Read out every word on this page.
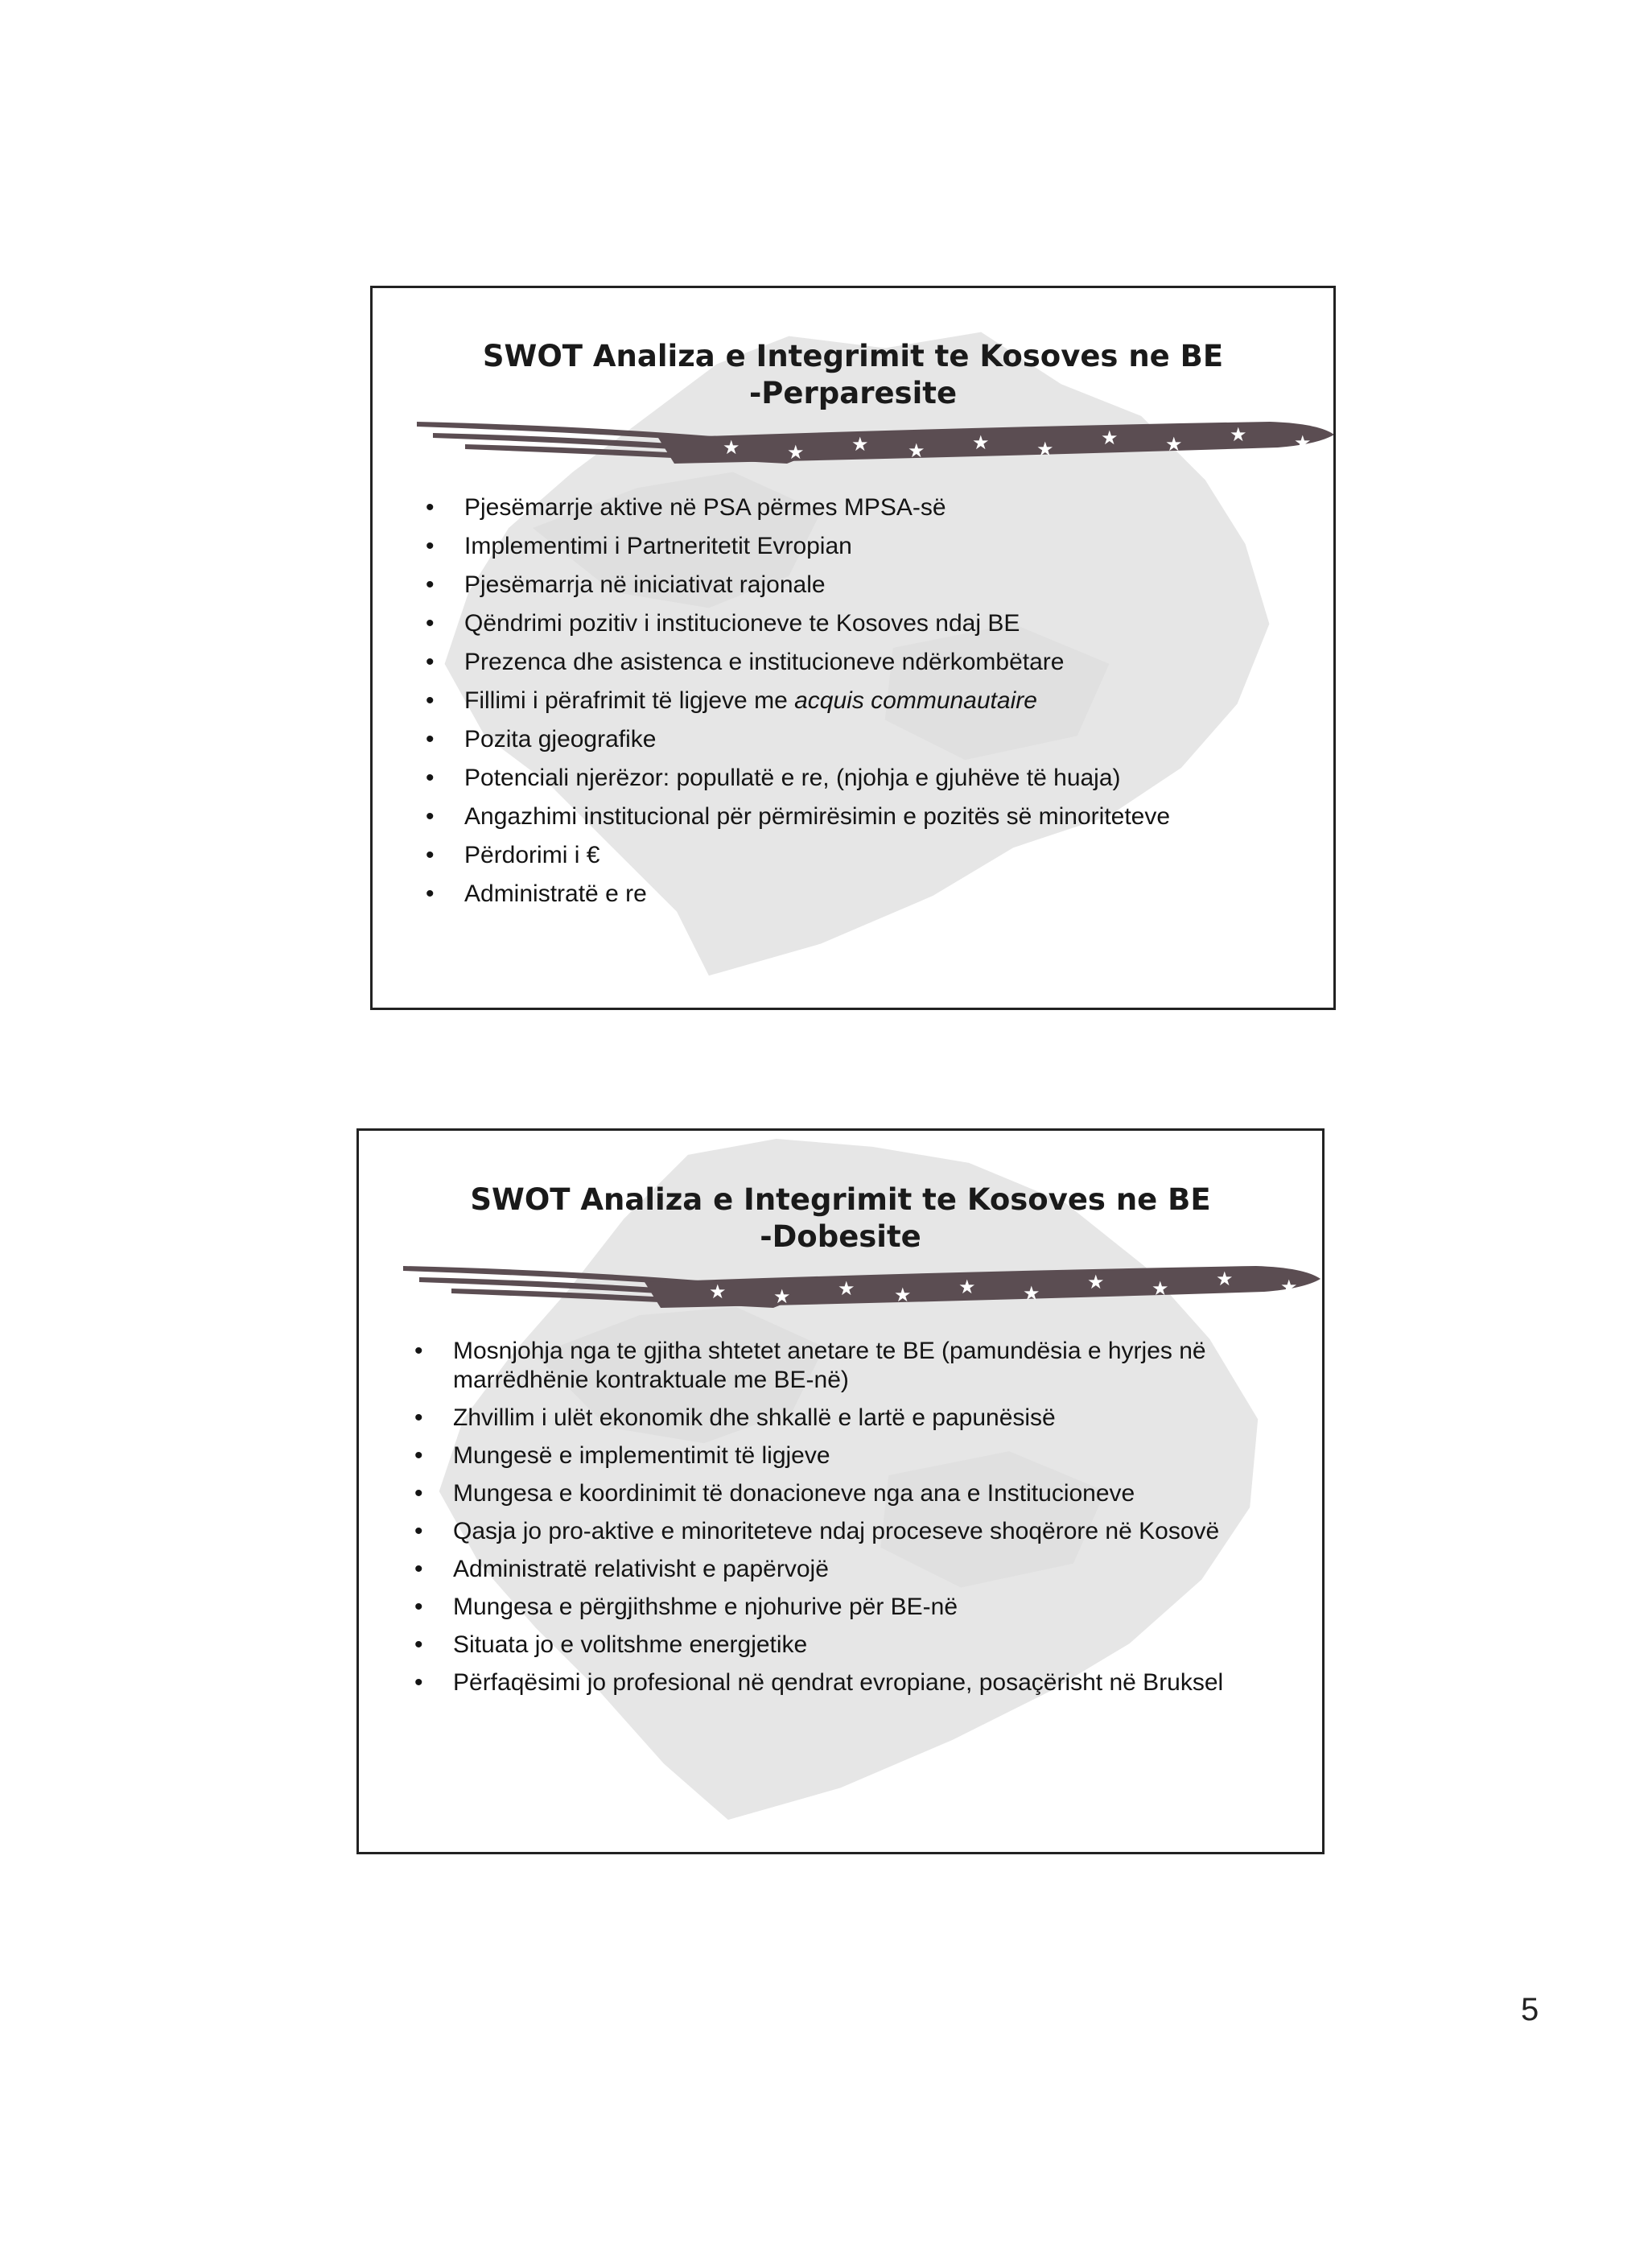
SWOT Analiza e Integrimit te Kosoves ne BE
-Perparesite
★ ★ ★ ★ ★ ★ ★ ★ ★ ★
• Pjesëmarrje aktive në PSA përmes MPSA-së
• Implementimi i Partneritetit Evropian
• Pjesëmarrja në iniciativat rajonale
• Qëndrimi pozitiv i institucioneve te Kosoves ndaj BE
• Prezenca dhe asistenca e institucioneve ndërkombëtare
• Fillimi i përafrimit të ligjeve me acquis communautaire
• Pozita gjeografike
• Potenciali njerëzor: popullatë e re, (njohja e gjuhëve të huaja)
• Angazhimi institucional për përmirësimin e pozitës së minoriteteve
• Përdorimi i €
• Administratë e re
SWOT Analiza e Integrimit te Kosoves ne BE
-Dobesite
★ ★ ★ ★ ★ ★ ★ ★ ★ ★
• Mosnjohja nga te gjitha shtetet anetare te BE (pamundësia e hyrjes në marrëdhënie kontraktuale me BE-në)
• Zhvillim i ulët ekonomik dhe shkallë e lartë e papunësisë
• Mungesë e implementimit të ligjeve
• Mungesa e koordinimit të donacioneve nga ana e Institucioneve
• Qasja jo pro-aktive e minoriteteve ndaj proceseve shoqërore në Kosovë
• Administratë relativisht e papërvojë
• Mungesa e përgjithshme e njohurive për BE-në
• Situata jo e volitshme energjetike
• Përfaqësimi jo profesional në qendrat evropiane, posaçërisht në Bruksel
5
